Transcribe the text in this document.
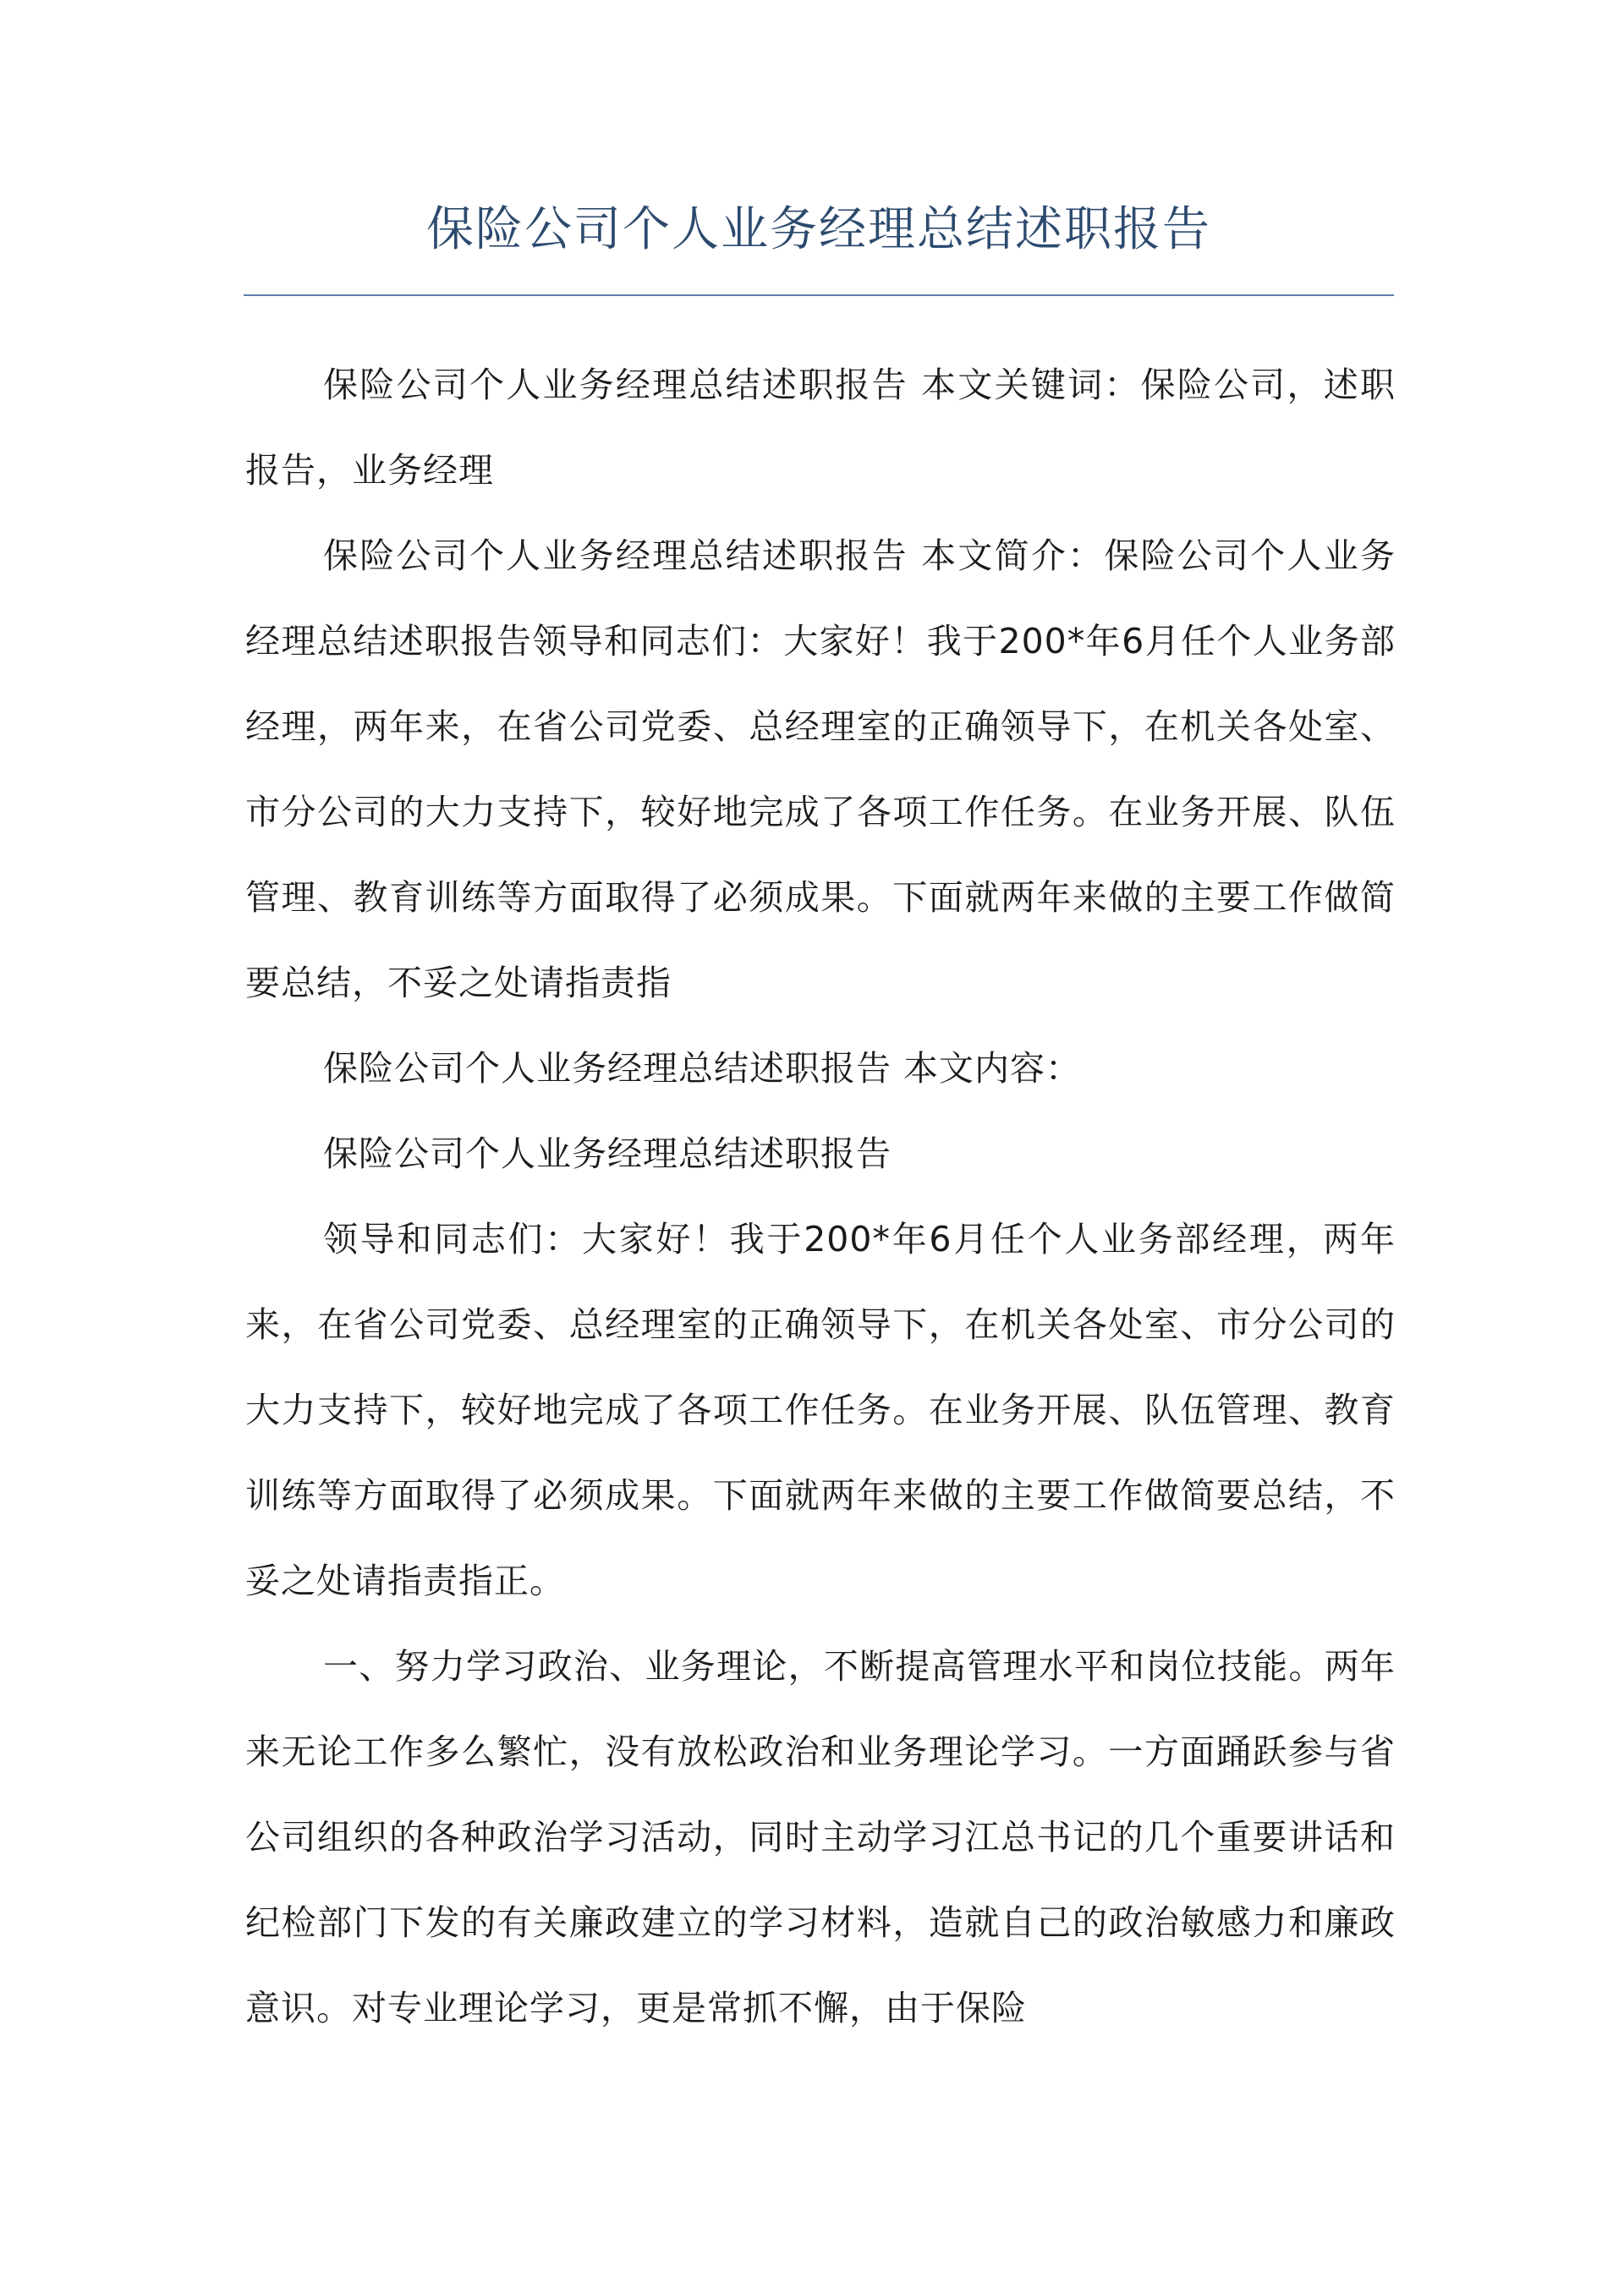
保险公司个人业务经理总结述职报告

保险公司个人业务经理总结述职报告 本文关键词：保险公司，述职报告，业务经理

保险公司个人业务经理总结述职报告 本文简介：保险公司个人业务经理总结述职报告领导和同志们：大家好！我于200*年6月任个人业务部经理，两年来，在省公司党委、总经理室的正确领导下，在机关各处室、市分公司的大力支持下，较好地完成了各项工作任务。在业务开展、队伍管理、教育训练等方面取得了必须成果。下面就两年来做的主要工作做简要总结，不妥之处请指责指

保险公司个人业务经理总结述职报告 本文内容：

保险公司个人业务经理总结述职报告

领导和同志们：大家好！我于200*年6月任个人业务部经理，两年来，在省公司党委、总经理室的正确领导下，在机关各处室、市分公司的大力支持下，较好地完成了各项工作任务。在业务开展、队伍管理、教育训练等方面取得了必须成果。下面就两年来做的主要工作做简要总结，不妥之处请指责指正。

一、努力学习政治、业务理论，不断提高管理水平和岗位技能。两年来无论工作多么繁忙，没有放松政治和业务理论学习。一方面踊跃参与省公司组织的各种政治学习活动，同时主动学习江总书记的几个重要讲话和纪检部门下发的有关廉政建立的学习材料，造就自己的政治敏感力和廉政意识。对专业理论学习，更是常抓不懈，由于保险
